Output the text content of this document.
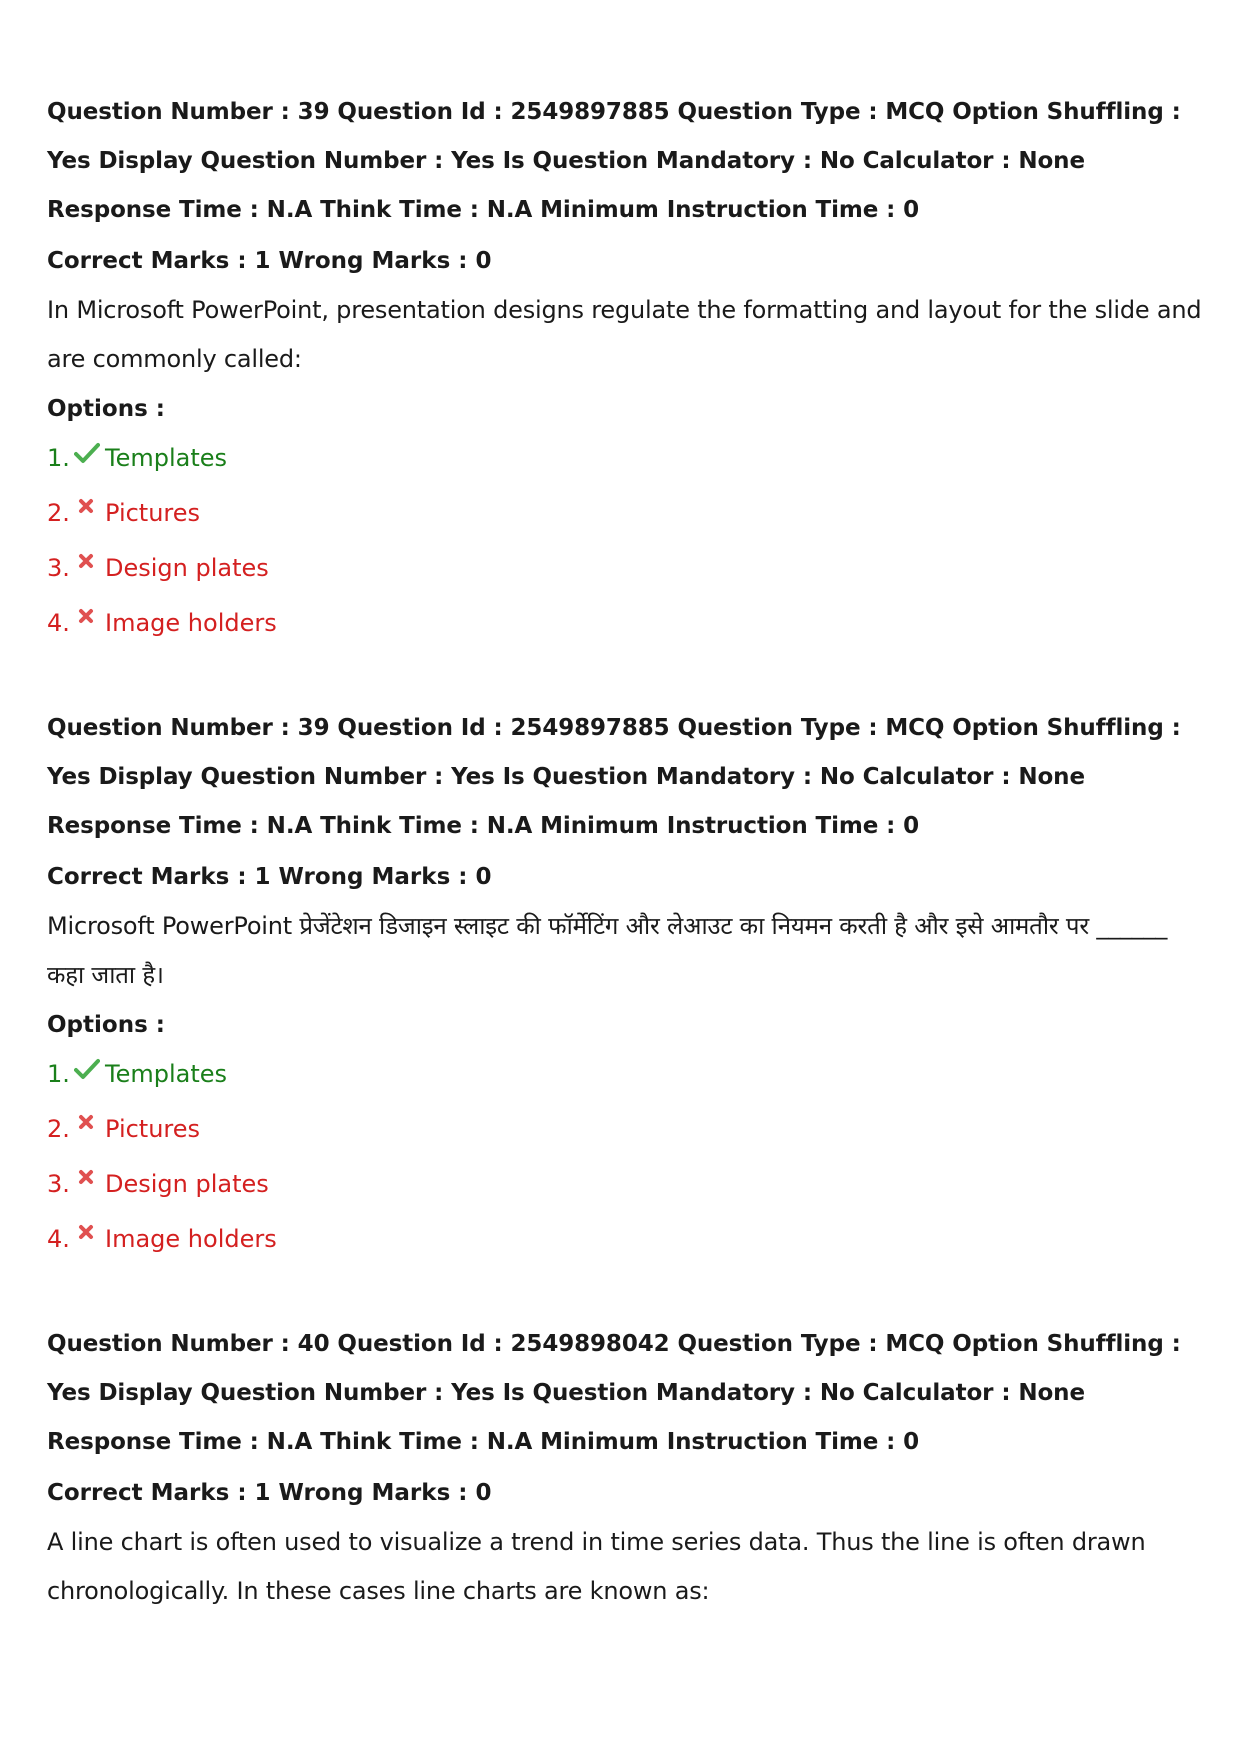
Question Number : 39 Question Id : 2549897885 Question Type : MCQ Option Shuffling : Yes Display Question Number : Yes Is Question Mandatory : No Calculator : None Response Time : N.A Think Time : N.A Minimum Instruction Time : 0
Correct Marks : 1 Wrong Marks : 0
In Microsoft PowerPoint, presentation designs regulate the formatting and layout for the slide and are commonly called:
Options :
1. Templates
2. Pictures
3. Design plates
4. Image holders
Question Number : 39 Question Id : 2549897885 Question Type : MCQ Option Shuffling : Yes Display Question Number : Yes Is Question Mandatory : No Calculator : None Response Time : N.A Think Time : N.A Minimum Instruction Time : 0
Correct Marks : 1 Wrong Marks : 0
Microsoft PowerPoint प्रेजेंटेशन डिजाइन स्लाइट की फॉर्मेटिंग और लेआउट का नियमन करती है और इसे आमतौर पर ______ कहा जाता है।
Options :
1. Templates
2. Pictures
3. Design plates
4. Image holders
Question Number : 40 Question Id : 2549898042 Question Type : MCQ Option Shuffling : Yes Display Question Number : Yes Is Question Mandatory : No Calculator : None Response Time : N.A Think Time : N.A Minimum Instruction Time : 0
Correct Marks : 1 Wrong Marks : 0
A line chart is often used to visualize a trend in time series data. Thus the line is often drawn chronologically. In these cases line charts are known as:
